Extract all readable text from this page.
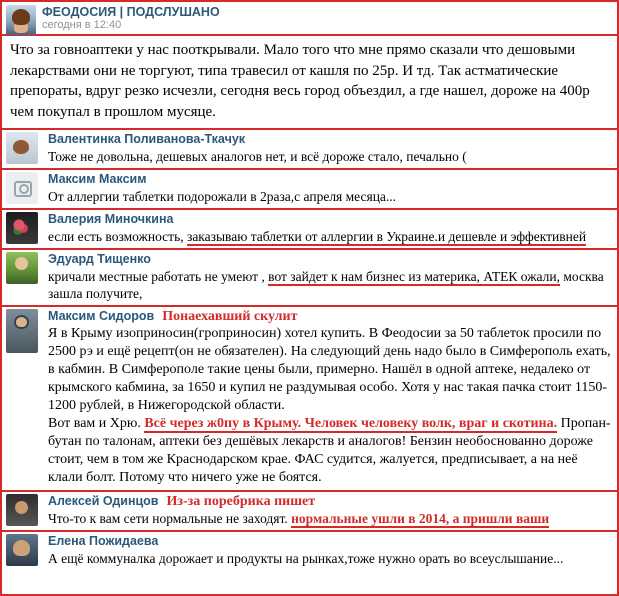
ФЕОДОСИЯ | ПОДСЛУШАНО
сегодня в 12:40
Что за говноаптеки у нас пооткрывали. Мало того что мне прямо сказали что дешовыми лекарствами они не торгуют, типа травесил от кашля по 25р. И тд. Так астматические препораты, вдруг резко исчезли, сегодня весь город объездил, а где нашел, дороже на 400р чем покупал в прошлом мусяце.
Валентинка Поливанова-Ткачук
Тоже не довольна, дешевых аналогов нет, и всё дороже стало, печально (
Максим Максим
От аллергии таблетки подорожали в 2раза,с апреля месяца...
Валерия Миночкина
если есть возможность, заказываю таблетки от аллергии в Украине.и дешевле и эффективней
Эдуард Тищенко
кричали местные работать не умеют , вот зайдет к нам бизнес из материка, АТЕК ожали, москва зашла получите,
Максим Сидоров Понаехавший скулит
Я в Крыму изоприносин(гроприносин) хотел купить. В Феодосии за 50 таблеток просили по 2500 рэ и ещё рецепт(он не обязателен). На следующий день надо было в Симферополь ехать, в кабмин. В Симферополе такие цены были, примерно. Нашёл в одной аптеке, недалеко от крымского кабмина, за 1650 и купил не раздумывая особо. Хотя у нас такая пачка стоит 1150-1200 рублей, в Нижегородской области.
Вот вам и Хрю. Всё через ж0пу в Крыму. Человек человеку волк, враг и скотина. Пропан-бутан по талонам, аптеки без дешёвых лекарств и аналогов! Бензин необоснованно дороже стоит, чем в том же Краснодарском крае. ФАС судится, жалуется, предписывает, а на неё клали болт. Потому что ничего уже не боятся.
Алексей Одинцов Из-за поребрика пишет
Что-то к вам сети нормальные не заходят. нормальные ушли в 2014, а пришли ваши
Елена Пожидаева
А ещё коммуналка дорожает и продукты на рынках,тоже нужно орать во всеуслышание...
